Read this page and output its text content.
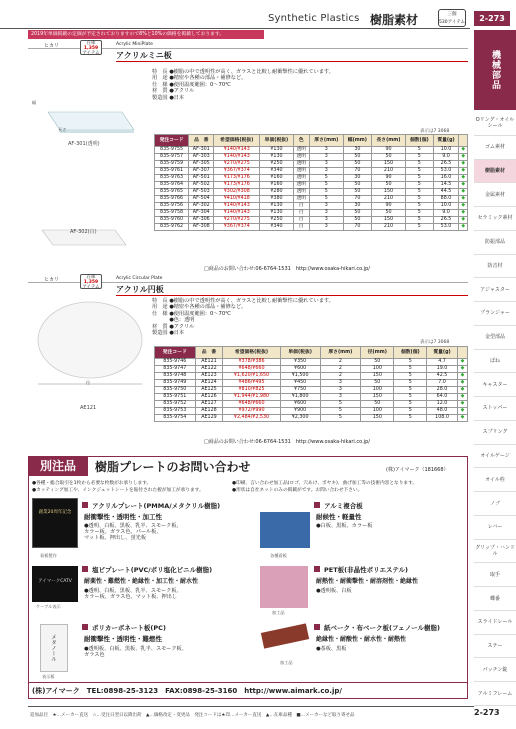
Synthetic Plastics 樹脂素材	三個
530アイテム	2-273
2019年単価掲載の定価が予定されておりますので8%と10%の価格を掲載しております。
機械部品
Oリング・オイルシール
ゴム素材
樹脂素材
金属素材
セラミック素材
防振部品
防音材
アジャスター
プランジャー
金型部品
ばね
キャスター
ストッパー
スプリング
オイルゲージ
オイル栓
ノブ
レバー
グリップ・ハンドル
取手
蝶番
スライドレール
ステー
パッチン錠
アルミフレーム
ヒカリ	在庫
1,359
アイテム
Acrylic MiniPlate
アクリルミニ板
特　長 ●樹脂の中で透明性が高く、ガラスと比較し耐衝撃性に優れています。
用　途 ●精密や各種の部品・補修など。
仕　様 ●使用温度範囲：0〜70℃
材　質 ●アクリル
製造国 ●日本
長さ
幅
AF-301(透明)
AF-302(白)
表示は7 3068
発注コード	品　番	希望価格(税抜)	単価(税抜)	色	厚さ(mm)	幅(mm)	長さ(mm)	個数(個)	質量(g)	
835-9755	AF-301	¥140/¥143	¥130	透明	3	30	90	5	10.0	◆
835-9757	AF-303	¥140/¥143	¥130	透明	3	50	50	5	9.0	◆
835-9759	AF-305	¥270/¥275	¥250	透明	3	50	150	5	26.5	◆
835-9761	AF-307	¥367/¥374	¥340	透明	3	70	210	5	53.0	◆
835-9763	AF-501	¥173/¥176	¥160	透明	5	30	90	5	16.0	◆
835-9764	AF-502	¥173/¥176	¥160	透明	5	50	50	5	14.5	◆
835-9765	AF-503	¥302/¥308	¥280	透明	5	50	150	5	44.5	◆
835-9766	AF-504	¥410/¥418	¥380	透明	5	70	210	5	88.0	◆
835-9756	AF-302	¥140/¥143	¥130	白	3	30	90	5	10.0	◆
835-9758	AF-304	¥140/¥143	¥130	白	3	50	50	5	9.0	◆
835-9760	AF-306	¥270/¥275	¥250	白	3	50	150	5	26.5	◆
835-9762	AF-308	¥367/¥374	¥340	白	3	70	210	5	53.0	◆
□商品のお問い合わせ:06-6764-1531　http://www.osaka-hikari.co.jp/
ヒカリ	在庫
1,359
アイテム
Acrylic Circular Plate
アクリル円板
特　長 ●樹脂の中で透明性が高く、ガラスと比較し耐衝撃性に優れています。
用　途 ●精密や各種の部品・補修など。
仕　様 ●使用温度範囲：0〜70℃
　　　 ●色：透明
材　質 ●アクリル
製造国 ●日本
径
AE121
表示は7 3068
発注コード	品　番	希望価格(税抜)	単価(税抜)	厚さ(mm)	径(mm)	個数(個)	質量(g)	
835-9746	AE121	¥378/¥386	¥350	2	50	5	4.7	◆
835-9747	AE122	¥648/¥660	¥600	2	100	5	19.0	◆
835-9748	AE123	¥1,620/¥1,650	¥1,500	2	150	5	42.5	◆
835-9749	AE124	¥486/¥495	¥450	3	50	5	7.0	◆
835-9750	AE125	¥810/¥825	¥750	3	100	5	28.0	◆
835-9751	AE126	¥1,944/¥1,980	¥1,800	3	150	5	64.0	◆
835-9752	AE127	¥648/¥660	¥600	5	50	5	12.0	◆
835-9753	AE128	¥972/¥990	¥900	5	100	5	48.0	◆
835-9754	AE129	¥2,484/¥2,530	¥2,300	5	150	5	108.0	◆
□商品のお問い合わせ:06-6764-1531　http://www.osaka-hikari.co.jp/
別注品	樹脂プレートのお問い合わせ	(株)アイマーク（181668）
●各種・総合取引を1枚から必要な枚数がお承りします。	●印刷、言い合わせ加工品(ロゴ、穴あけ、ボヤキ)、曲げ加工等の技術内容となります。
●カッティング加工や、インクジェットシートを貼付された板が加工が承ります。	●形状は自社ネットのみの掲載がです。お問い合わせ下さい。
創業20周年記念
看板製作
アクリルプレート(PMMA/メタクリル樹脂)
耐衝撃性・透明性・加工性
●透明、白板、黒板、乳半、スモーク板、
カラー板、ガラス色、パール板、
マット板、押出し、蛍光板
各種看板
アルミ複合板
耐候性・軽量性
●白板、黒板、カラー板
アイマークCATV
ケーブル表示
塩ビプレート(PVC/ポリ塩化ビニル樹脂)
耐薬性・難燃性・絶縁性・加工性・耐水性
●透明、白板、黒板、乳半、スモーク板、
カラー板、ガラス色、マット板、押出し
加工品
PET板(非晶性ポリエステル)
耐熱性・耐衝撃性・耐溶剤性・絶縁性
●透明板、白板
メタノール
表示板
ポリカーボネート板(PC)
耐衝撃性・透明性・難燃性
●透明板、白板、黒板、乳半、スモーク板、
ガラス色
加工品
紙ベーク・布ベーク板(フェノール樹脂)
絶縁性・耐酸性・耐水性・耐熱性
●茶板、黒板
(株)アイマーク　TEL:0898-25-3123　FAX:0898-25-3160　http://www.aimark.co.jp/
追加品目　★…メーカー直送　☆…受注日翌日以降出荷　▲…価格改定・変更品　発注コードは★印…メーカー直送　▲…在庫品種　■…メーカーなど取り寄せ品	2-273
